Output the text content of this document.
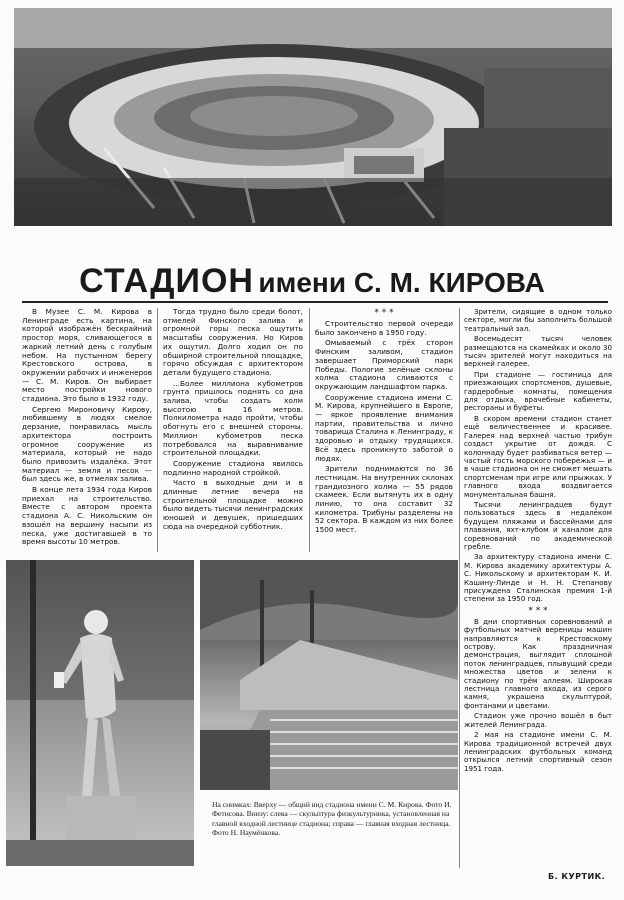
СТАДИОН имени С. М. КИРОВА

В Музее С. М. Кирова в Ленинграде есть картина, на которой изображён бескрайний простор моря, сливающегося в жаркий летний день с голубым небом. На пустынном берегу Крестовского острова, в окружении рабочих и инженеров — С. М. Киров. Он выбирает место постройки нового стадиона. Это было в 1932 году.

Сергею Мироновичу Кирову, любившему в людях смелое дерзание, понравилась мысль архитектора построить огромное сооружение из материала, который не надо было привозить издалёка. Этот материал — земля и песок — был здесь же, в отмелях залива.

В конце лета 1934 года Киров приехал на строительство. Вместе с автором проекта стадиона А. С. Никольским он взошёл на вершину насыпи из песка, уже достигавшей в то время высоты 10 метров.

Тогда трудно было среди болот, отмелей Финского залива и огромной горы песка ощутить масштабы сооружения. Но Киров их ощутил. Долго ходил он по обширной строительной площадке, горячо обсуждая с архитектором детали будущего стадиона.

...Более миллиона кубометров грунта пришлось поднять со дна залива, чтобы создать холм высотою в 16 метров. Полкилометра надо пройти, чтобы обогнуть его с внешней стороны. Миллион кубометров песка потребовался на выравнивание строительной площадки.

Сооружение стадиона явилось подлинно народной стройкой.

Часто в выходные дни и в длинные летние вечера на строительной площадке можно было видеть тысячи ленинградских юношей и девушек, пришедших сюда на очередной субботник.

* * *

Строительство первой очереди было закончено в 1950 году.

Омываемый с трёх сторон Финским заливом, стадион завершает Приморский парк Победы. Пологие зелёные склоны холма стадиона сливаются с окружающим ландшафтом парка.

Сооружение стадиона имени С. М. Кирова, крупнейшего в Европе, — яркое проявление внимания партии, правительства и лично товарища Сталина к Ленинграду, к здоровью и отдыху трудящихся. Всё здесь проникнуто заботой о людях.

Зрители поднимаются по 36 лестницам. На внутренних склонах грандиозного холма — 55 рядов скамеек. Если вытянуть их в одну линию, то она составит 32 километра. Трибуны разделены на 52 сектора. В каждом из них более 1500 мест.

Зрители, сидящие в одном только секторе, могли бы заполнить большой театральный зал.

Восемьдесят тысяч человек размещаются на скамейках и около 30 тысяч зрителей могут находиться на верхней галерее.

При стадионе — гостиница для приезжающих спортсменов, душевые, гардеробные комнаты, помещения для отдыха, врачебные кабинеты, рестораны и буфеты.

В скором времени стадион станет ещё величественнее и красивее. Галерея над верхней частью трибун создаст укрытие от дождя. С колоннаду будет разбиваться ветер — частый гость морского побережья — и в чаше стадиона он не сможет мешать спортсменам при игре или прыжках. У главного входа воздвигается монументальная башня.

Тысячи ленинградцев будут пользоваться здесь в недалёком будущем пляжами и бассейнами для плавания, яхт-клубом и каналом для соревнований по академической гребле.

За архитектуру стадиона имени С. М. Кирова академику архитектуры А. С. Никольскому и архитекторам К. И. Кашину-Линде и Н. Н. Степанову присуждена Сталинская премия 1-й степени за 1950 год.

* * *

В дни спортивных соревнований и футбольных матчей вереницы машин направляются к Крестовскому острову. Как праздничная демонстрация, выглядит сплошной поток ленинградцев, плывущий среди множества цветов и зелени к стадиону по трём аллеям. Широкая лестница главного входа, из серого камня, украшена скульптурой, фонтанами и цветами.

Стадион уже прочно вошёл в быт жителей Ленинграда.

2 мая на стадионе имени С. М. Кирова традиционной встречей двух ленинградских футбольных команд открылся летний спортивный сезон 1951 года.

На снимках: Вверху — общий вид стадиона имени С. М. Кирова. Фото И. Фетисова. Внизу: слева — скульптура физкультурника, установленная на главной входной лестнице стадиона; справа — главная входная лестница. Фото Н. Наумёнкова.
Б. КУРТИК.
